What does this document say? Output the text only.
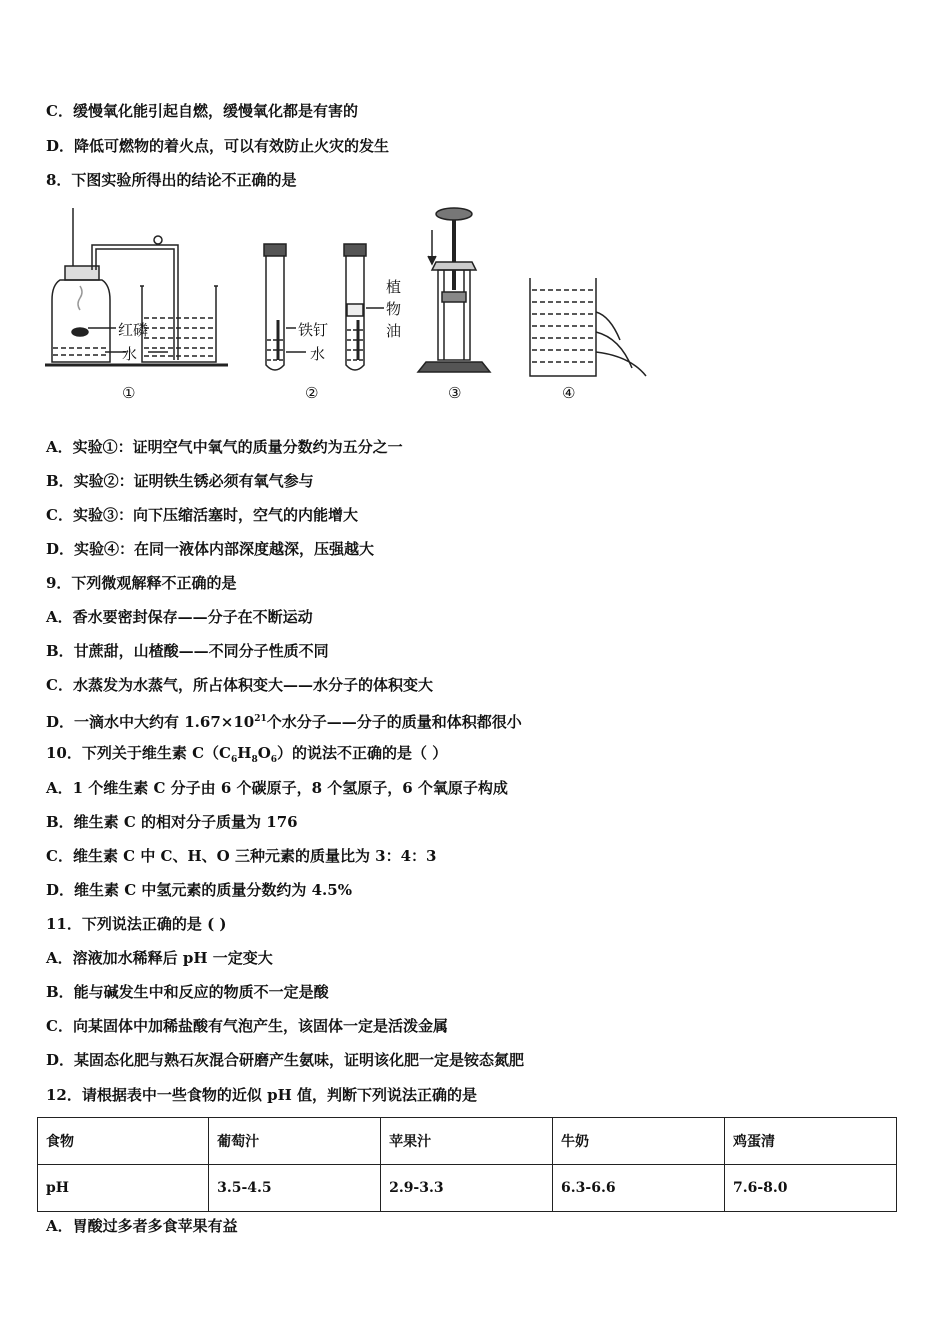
C．缓慢氧化能引起自燃，缓慢氧化都是有害的
D．降低可燃物的着火点，可以有效防止火灾的发生
8．下图实验所得出的结论不正确的是
红磷
水
铁钉
水
植
物
油
①	②	③	④
A．实验①：证明空气中氧气的质量分数约为五分之一
B．实验②：证明铁生锈必须有氧气参与
C．实验③：向下压缩活塞时，空气的内能增大
D．实验④：在同一液体内部深度越深，压强越大
9．下列微观解释不正确的是
A．香水要密封保存——分子在不断运动
B．甘蔗甜，山楂酸——不同分子性质不同
C．水蒸发为水蒸气，所占体积变大——水分子的体积变大
D．一滴水中大约有 $1.67\times 10^{21}$个水分子——分子的质量和体积都很小
10．下列关于维生素 $C(C_6H_8O_6)$的说法不正确的是（ ）
A．1 个维生素 C 分子由 6 个碳原子，8 个氢原子，6 个氧原子构成
B．维生素 C 的相对分子质量为 176
C．维生素 C 中 C、H、O 三种元素的质量比为 3：4：3
D．维生素 C 中氢元素的质量分数约为 4.5%
11．下列说法正确的是 ( )
A．溶液加水稀释后 pH 一定变大
B．能与碱发生中和反应的物质不一定是酸
C．向某固体中加稀盐酸有气泡产生，该固体一定是活泼金属
D．某固态化肥与熟石灰混合研磨产生氨味，证明该化肥一定是铵态氮肥
12．请根据表中一些食物的近似 pH 值，判断下列说法正确的是
食物	葡萄汁	苹果汁	牛奶	鸡蛋清
pH	3.5-4.5	2.9-3.3	6.3-6.6	7.6-8.0
A．胃酸过多者多食苹果有益
